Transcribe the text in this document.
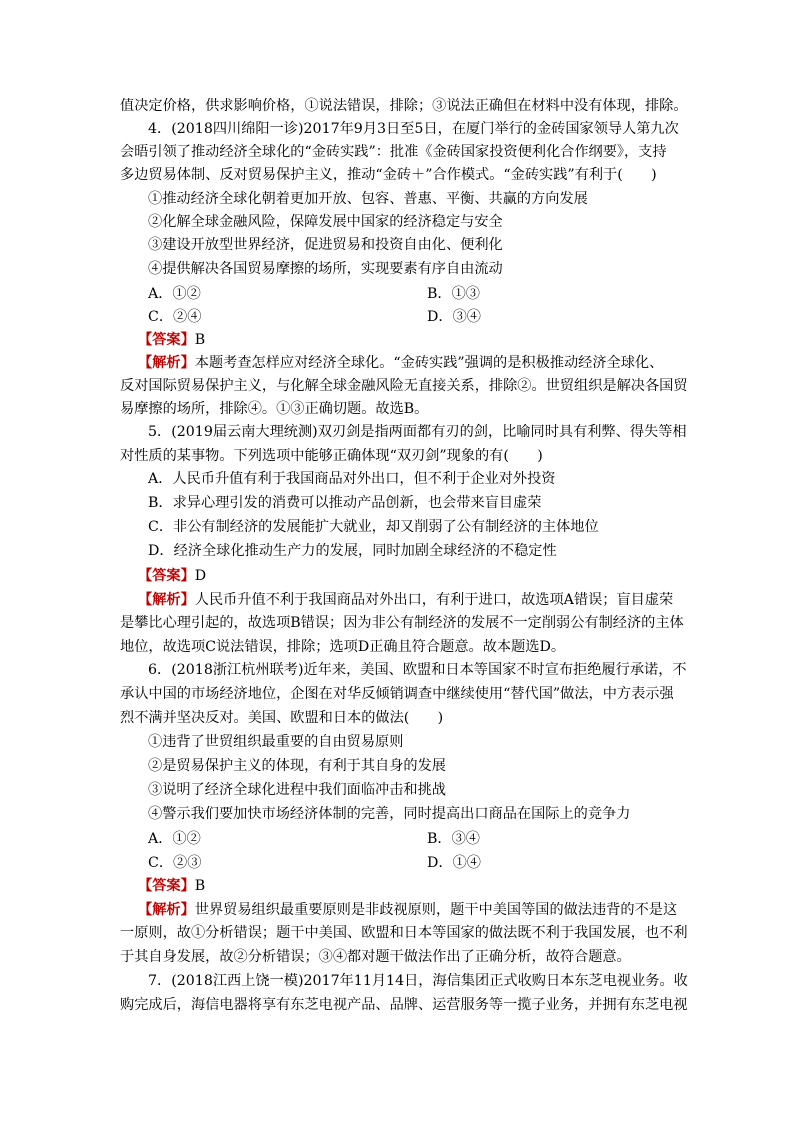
值决定价格，供求影响价格，①说法错误，排除；③说法正确但在材料中没有体现，排除。
4．(2018四川绵阳一诊)2017年9月3日至5日，在厦门举行的金砖国家领导人第九次
会晤引领了推动经济全球化的“金砖实践”：批准《金砖国家投资便利化合作纲要》，支持
多边贸易体制、反对贸易保护主义，推动“金砖＋”合作模式。“金砖实践”有利于(　　)
①推动经济全球化朝着更加开放、包容、普惠、平衡、共赢的方向发展
②化解全球金融风险，保障发展中国家的经济稳定与安全
③建设开放型世界经济，促进贸易和投资自由化、便利化
④提供解决各国贸易摩擦的场所，实现要素有序自由流动
A．①②	B．①③
C．②④	D．③④
【答案】B
【解析】本题考查怎样应对经济全球化。“金砖实践”强调的是积极推动经济全球化、
反对国际贸易保护主义，与化解全球金融风险无直接关系，排除②。世贸组织是解决各国贸
易摩擦的场所，排除④。①③正确切题。故选B。
5．(2019届云南大理统测)双刃剑是指两面都有刃的剑，比喻同时具有利弊、得失等相
对性质的某事物。下列选项中能够正确体现“双刃剑”现象的有(　　)
A．人民币升值有利于我国商品对外出口，但不利于企业对外投资
B．求异心理引发的消费可以推动产品创新，也会带来盲目虚荣
C．非公有制经济的发展能扩大就业，却又削弱了公有制经济的主体地位
D．经济全球化推动生产力的发展，同时加剧全球经济的不稳定性
【答案】D
【解析】人民币升值不利于我国商品对外出口，有利于进口，故选项A错误；盲目虚荣
是攀比心理引起的，故选项B错误；因为非公有制经济的发展不一定削弱公有制经济的主体
地位，故选项C说法错误，排除；选项D正确且符合题意。故本题选D。
6．(2018浙江杭州联考)近年来，美国、欧盟和日本等国家不时宣布拒绝履行承诺，不
承认中国的市场经济地位，企图在对华反倾销调查中继续使用“替代国”做法，中方表示强
烈不满并坚决反对。美国、欧盟和日本的做法(　　)
①违背了世贸组织最重要的自由贸易原则
②是贸易保护主义的体现，有利于其自身的发展
③说明了经济全球化进程中我们面临冲击和挑战
④警示我们要加快市场经济体制的完善，同时提高出口商品在国际上的竞争力
A．①②	B．③④
C．②③	D．①④
【答案】B
【解析】世界贸易组织最重要原则是非歧视原则，题干中美国等国的做法违背的不是这
一原则，故①分析错误；题干中美国、欧盟和日本等国家的做法既不利于我国发展，也不利
于其自身发展，故②分析错误；③④都对题干做法作出了正确分析，故符合题意。
7．(2018江西上饶一模)2017年11月14日，海信集团正式收购日本东芝电视业务。收
购完成后，海信电器将享有东芝电视产品、品牌、运营服务等一揽子业务，并拥有东芝电视
